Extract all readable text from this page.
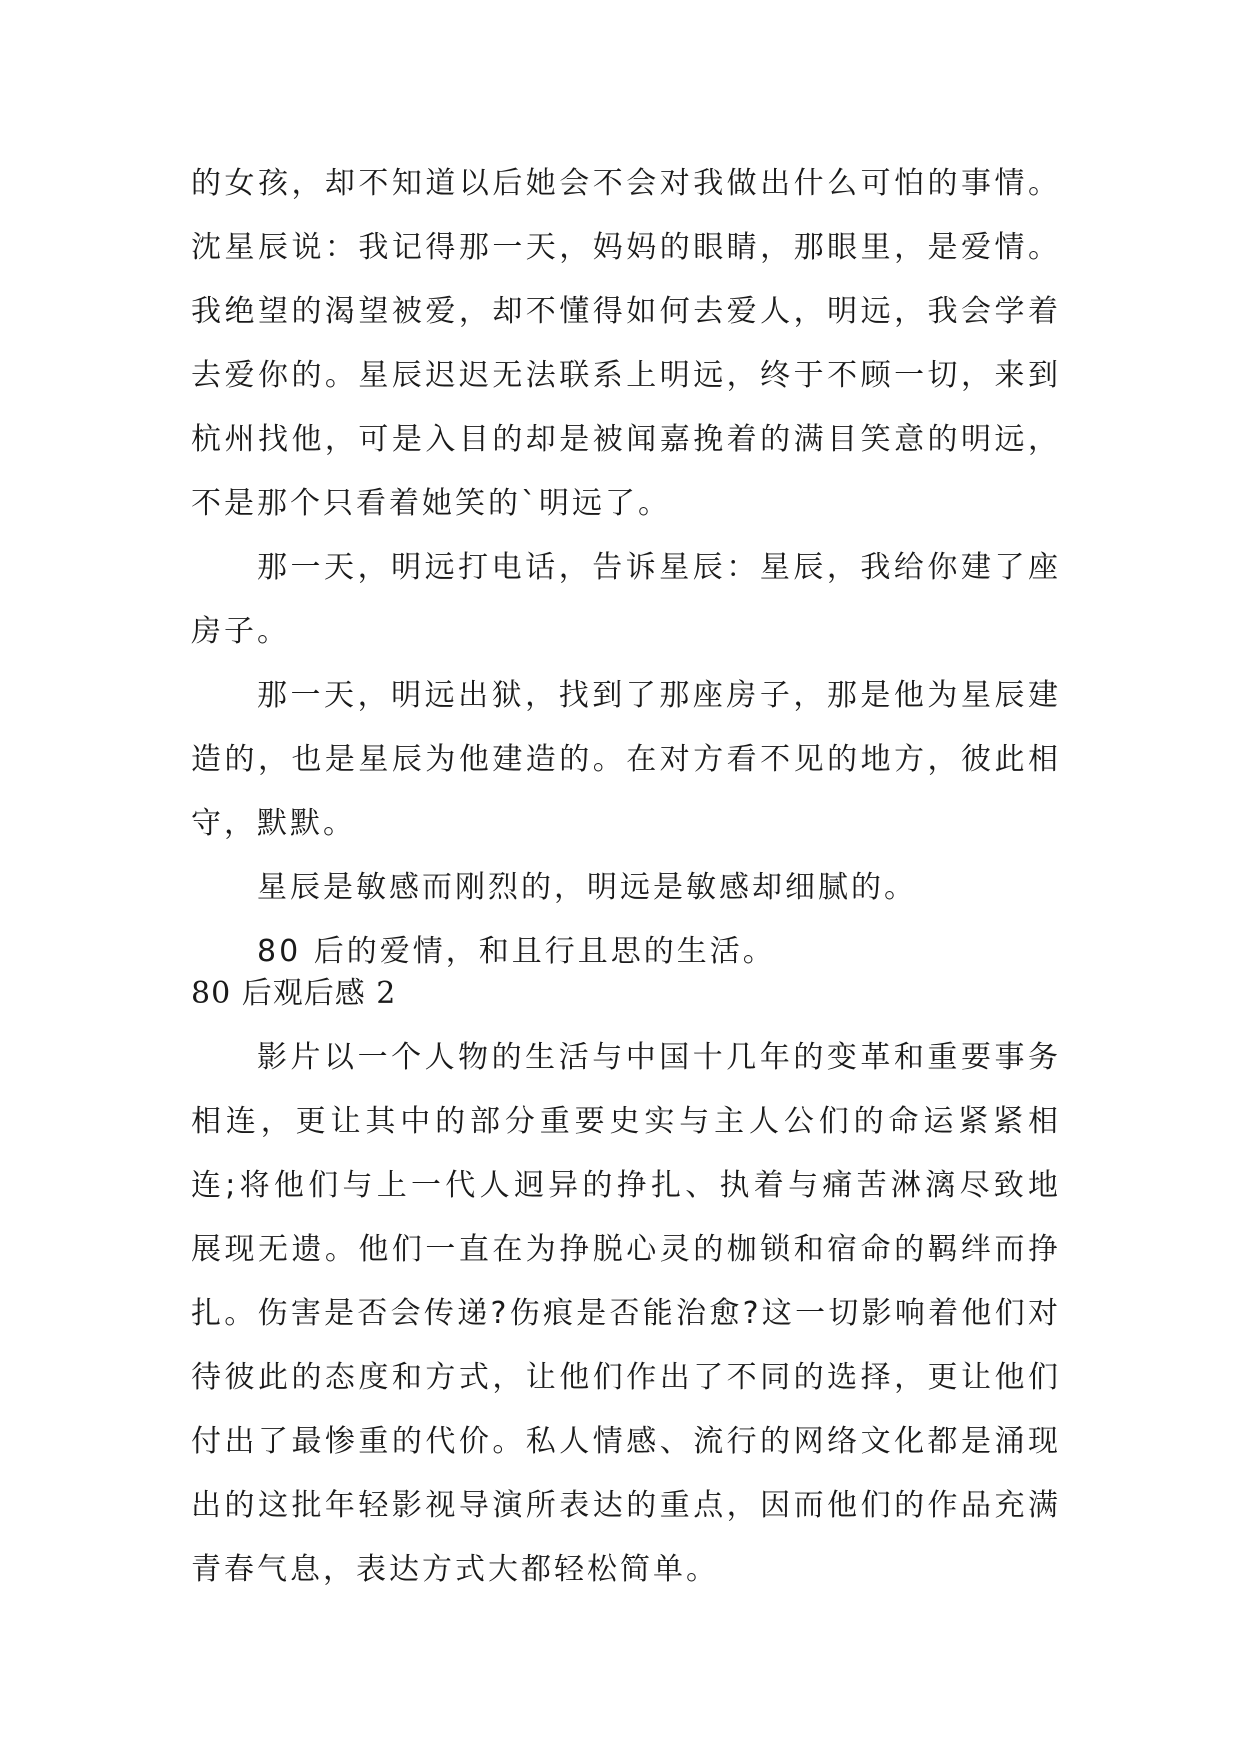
的女孩，却不知道以后她会不会对我做出什么可怕的事情。沈星辰说：我记得那一天，妈妈的眼睛，那眼里，是爱情。我绝望的渴望被爱，却不懂得如何去爱人，明远，我会学着去爱你的。星辰迟迟无法联系上明远，终于不顾一切，来到杭州找他，可是入目的却是被闻嘉挽着的满目笑意的明远，不是那个只看着她笑的`明远了。

那一天，明远打电话，告诉星辰：星辰，我给你建了座房子。

那一天，明远出狱，找到了那座房子，那是他为星辰建造的，也是星辰为他建造的。在对方看不见的地方，彼此相守，默默。

星辰是敏感而刚烈的，明远是敏感却细腻的。

80 后的爱情，和且行且思的生活。

80 后观后感 2

影片以一个人物的生活与中国十几年的变革和重要事务相连，更让其中的部分重要史实与主人公们的命运紧紧相连;将他们与上一代人迥异的挣扎、执着与痛苦淋漓尽致地展现无遗。他们一直在为挣脱心灵的枷锁和宿命的羁绊而挣扎。伤害是否会传递?伤痕是否能治愈?这一切影响着他们对待彼此的态度和方式，让他们作出了不同的选择，更让他们付出了最惨重的代价。私人情感、流行的网络文化都是涌现出的这批年轻影视导演所表达的重点，因而他们的作品充满青春气息，表达方式大都轻松简单。
